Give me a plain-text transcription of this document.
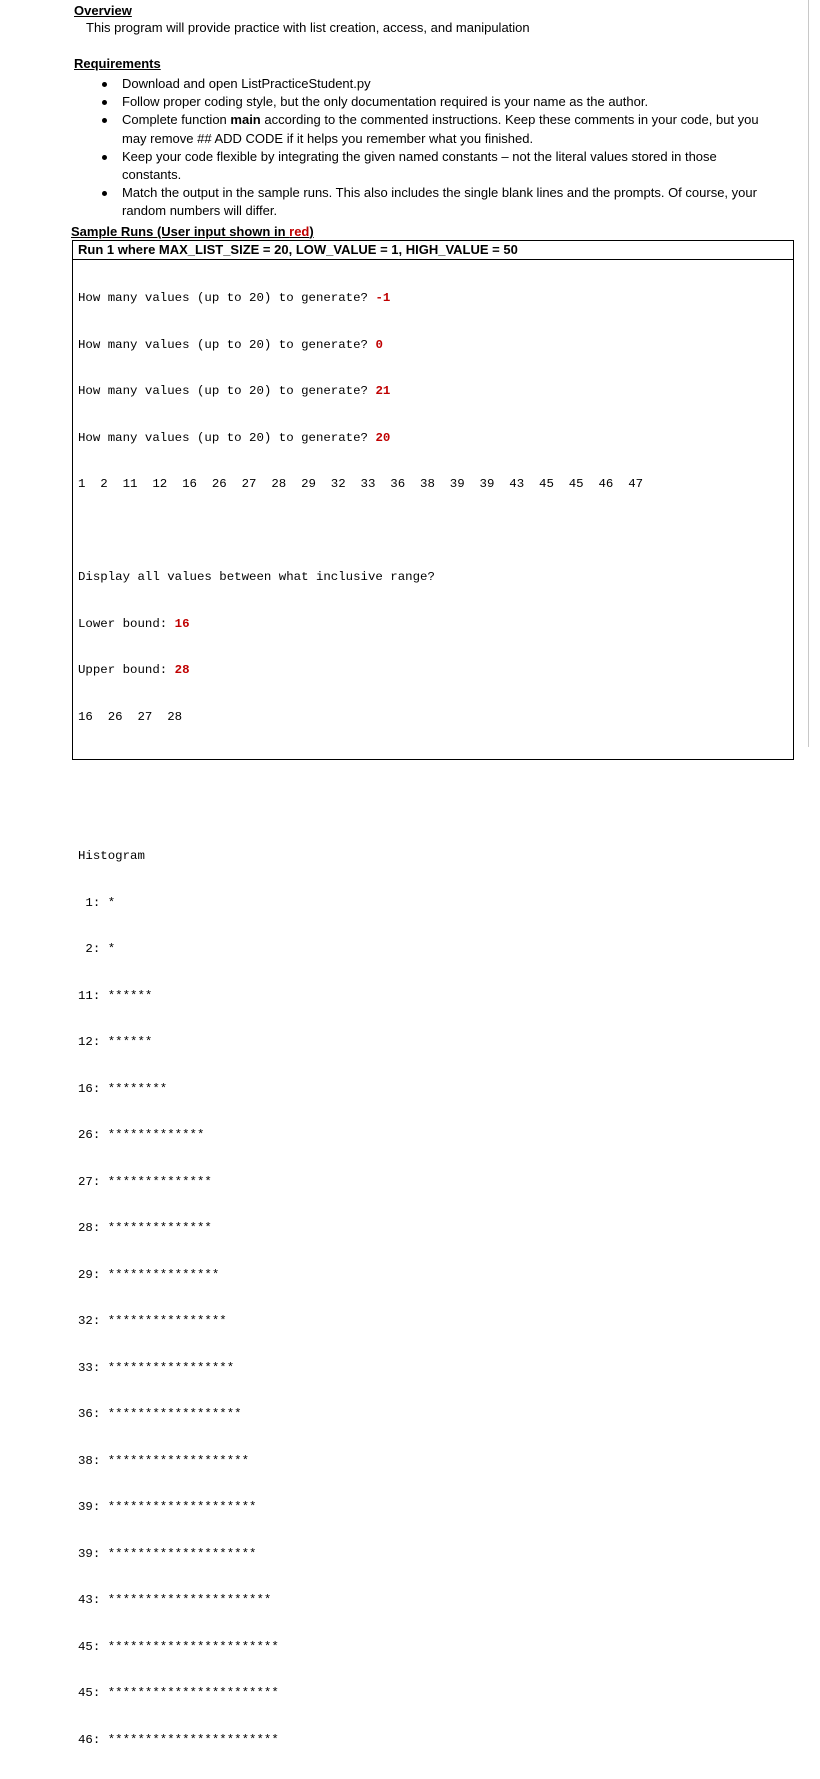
Overview
This program will provide practice with list creation, access, and manipulation
Requirements
Download and open ListPracticeStudent.py
Follow proper coding style, but the only documentation required is your name as the author.
Complete function main according to the commented instructions. Keep these comments in your code, but you may remove ## ADD CODE if it helps you remember what you finished.
Keep your code flexible by integrating the given named constants – not the literal values stored in those constants.
Match the output in the sample runs. This also includes the single blank lines and the prompts. Of course, your random numbers will differ.
Sample Runs (User input shown in red)
Run 1 where MAX_LIST_SIZE = 20, LOW_VALUE = 1, HIGH_VALUE = 50

How many values (up to 20) to generate? -1

How many values (up to 20) to generate? 0

How many values (up to 20) to generate? 21

How many values (up to 20) to generate? 20

1  2  11  12  16  26  27  28  29  32  33  36  38  39  39  43  45  45  46  47

Display all values between what inclusive range?

Lower bound: 16

Upper bound: 28

16  26  27  28

Histogram

1: *

2: *

11: ******

12: ******

16: ********

26: *************

27: **************

28: **************

29: ***************

32: ****************

33: *****************

36: ******************

38: *******************

39: ********************

39: ********************

43: **********************

45: ***********************

45: ***********************

46: ***********************
